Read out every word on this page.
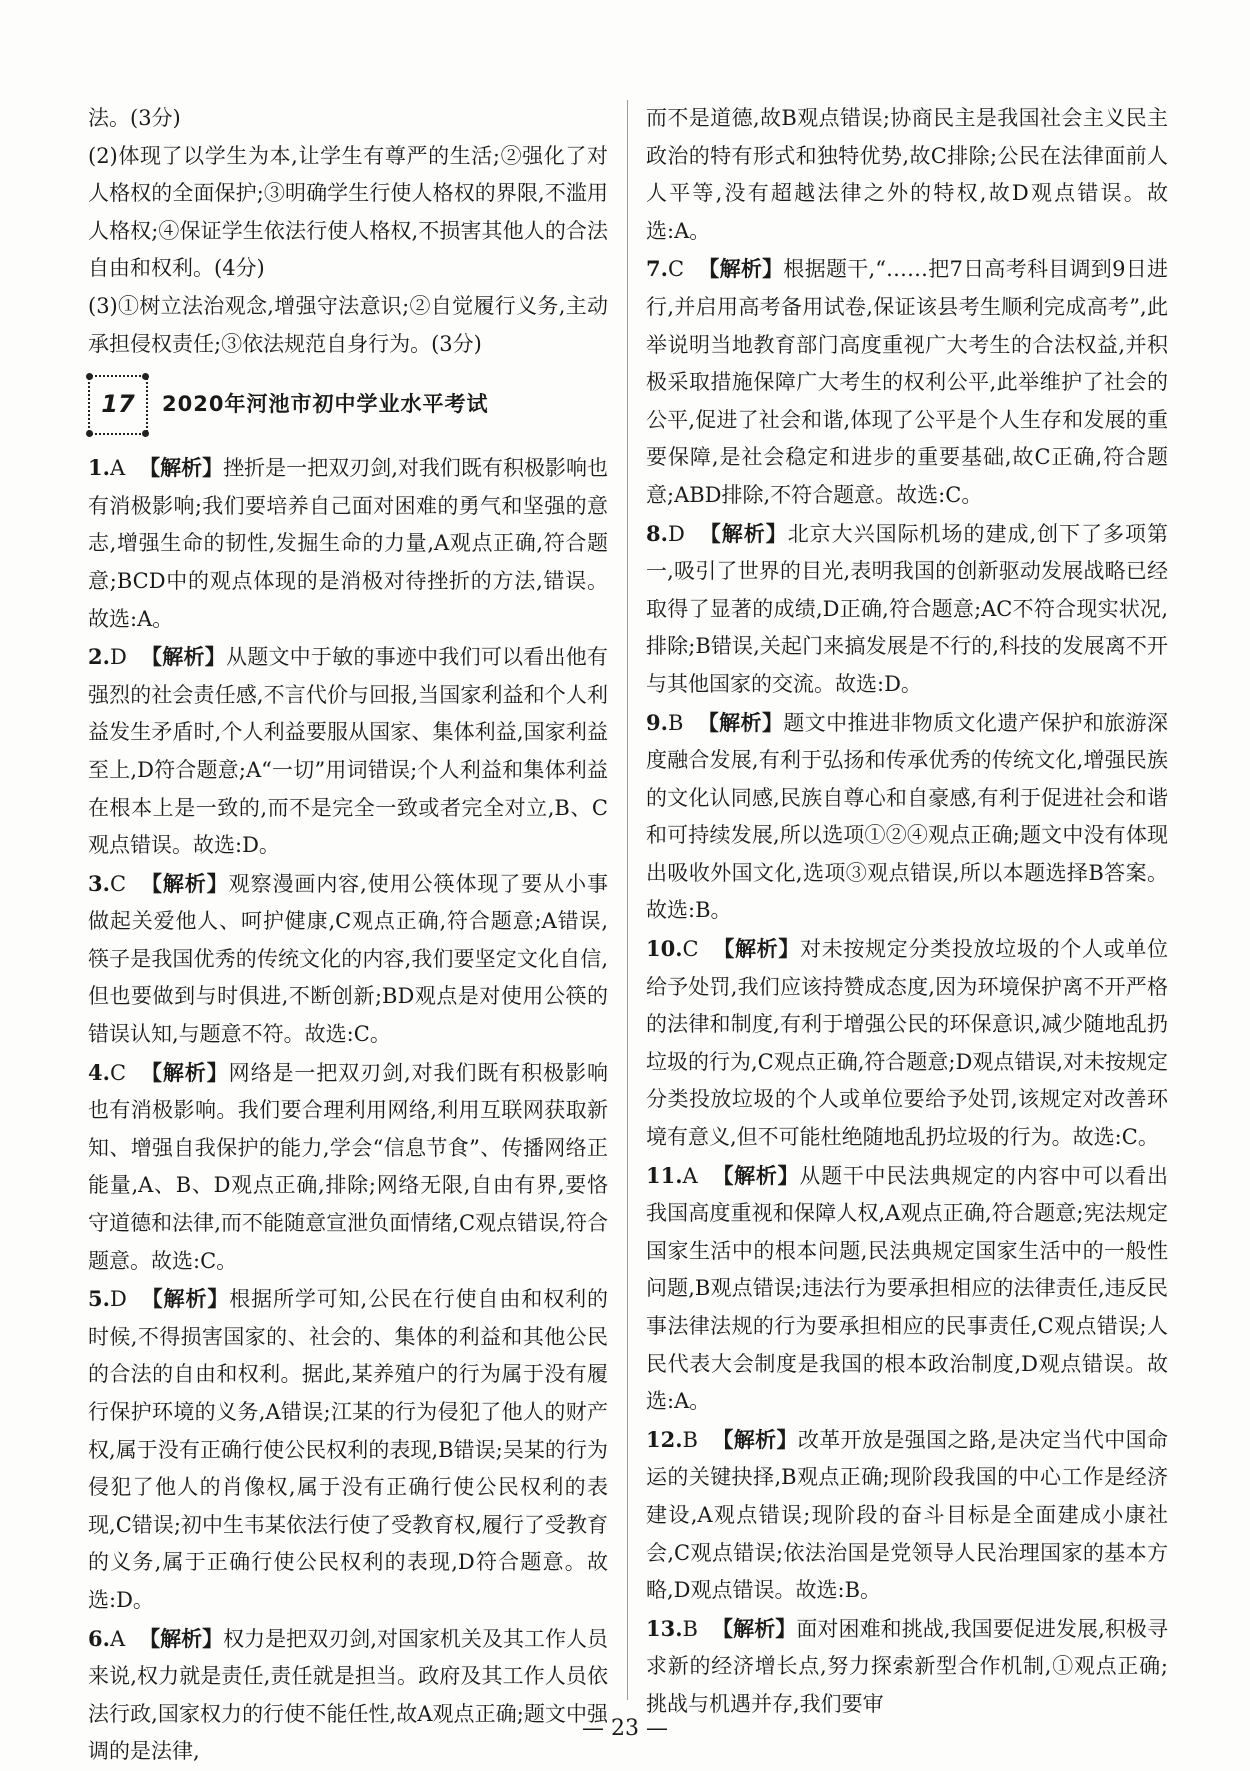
法。(3分)

(2)体现了以学生为本,让学生有尊严的生活;②强化了对人格权的全面保护;③明确学生行使人格权的界限,不滥用人格权;④保证学生依法行使人格权,不损害其他人的合法自由和权利。(4分)

(3)①树立法治观念,增强守法意识;②自觉履行义务,主动承担侵权责任;③依法规范自身行为。(3分)

17 2020年河池市初中学业水平考试

1.A 【解析】挫折是一把双刃剑,对我们既有积极影响也有消极影响;我们要培养自己面对困难的勇气和坚强的意志,增强生命的韧性,发掘生命的力量,A观点正确,符合题意;BCD中的观点体现的是消极对待挫折的方法,错误。故选:A。

2.D 【解析】从题文中于敏的事迹中我们可以看出他有强烈的社会责任感,不言代价与回报,当国家利益和个人利益发生矛盾时,个人利益要服从国家、集体利益,国家利益至上,D符合题意;A“一切”用词错误;个人利益和集体利益在根本上是一致的,而不是完全一致或者完全对立,B、C观点错误。故选:D。

3.C 【解析】观察漫画内容,使用公筷体现了要从小事做起关爱他人、呵护健康,C观点正确,符合题意;A错误,筷子是我国优秀的传统文化的内容,我们要坚定文化自信,但也要做到与时俱进,不断创新;BD观点是对使用公筷的错误认知,与题意不符。故选:C。

4.C 【解析】网络是一把双刃剑,对我们既有积极影响也有消极影响。我们要合理利用网络,利用互联网获取新知、增强自我保护的能力,学会“信息节食”、传播网络正能量,A、B、D观点正确,排除;网络无限,自由有界,要恪守道德和法律,而不能随意宣泄负面情绪,C观点错误,符合题意。故选:C。

5.D 【解析】根据所学可知,公民在行使自由和权利的时候,不得损害国家的、社会的、集体的利益和其他公民的合法的自由和权利。据此,某养殖户的行为属于没有履行保护环境的义务,A错误;江某的行为侵犯了他人的财产权,属于没有正确行使公民权利的表现,B错误;吴某的行为侵犯了他人的肖像权,属于没有正确行使公民权利的表现,C错误;初中生韦某依法行使了受教育权,履行了受教育的义务,属于正确行使公民权利的表现,D符合题意。故选:D。

6.A 【解析】权力是把双刃剑,对国家机关及其工作人员来说,权力就是责任,责任就是担当。政府及其工作人员依法行政,国家权力的行使不能任性,故A观点正确;题文中强调的是法律,

而不是道德,故B观点错误;协商民主是我国社会主义民主政治的特有形式和独特优势,故C排除;公民在法律面前人人平等,没有超越法律之外的特权,故D观点错误。故选:A。

7.C 【解析】根据题干,“……把7日高考科目调到9日进行,并启用高考备用试卷,保证该县考生顺利完成高考”,此举说明当地教育部门高度重视广大考生的合法权益,并积极采取措施保障广大考生的权利公平,此举维护了社会的公平,促进了社会和谐,体现了公平是个人生存和发展的重要保障,是社会稳定和进步的重要基础,故C正确,符合题意;ABD排除,不符合题意。故选:C。

8.D 【解析】北京大兴国际机场的建成,创下了多项第一,吸引了世界的目光,表明我国的创新驱动发展战略已经取得了显著的成绩,D正确,符合题意;AC不符合现实状况,排除;B错误,关起门来搞发展是不行的,科技的发展离不开与其他国家的交流。故选:D。

9.B 【解析】题文中推进非物质文化遗产保护和旅游深度融合发展,有利于弘扬和传承优秀的传统文化,增强民族的文化认同感,民族自尊心和自豪感,有利于促进社会和谐和可持续发展,所以选项①②④观点正确;题文中没有体现出吸收外国文化,选项③观点错误,所以本题选择B答案。故选:B。

10.C 【解析】对未按规定分类投放垃圾的个人或单位给予处罚,我们应该持赞成态度,因为环境保护离不开严格的法律和制度,有利于增强公民的环保意识,减少随地乱扔垃圾的行为,C观点正确,符合题意;D观点错误,对未按规定分类投放垃圾的个人或单位要给予处罚,该规定对改善环境有意义,但不可能杜绝随地乱扔垃圾的行为。故选:C。

11.A 【解析】从题干中民法典规定的内容中可以看出我国高度重视和保障人权,A观点正确,符合题意;宪法规定国家生活中的根本问题,民法典规定国家生活中的一般性问题,B观点错误;违法行为要承担相应的法律责任,违反民事法律法规的行为要承担相应的民事责任,C观点错误;人民代表大会制度是我国的根本政治制度,D观点错误。故选:A。

12.B 【解析】改革开放是强国之路,是决定当代中国命运的关键抉择,B观点正确;现阶段我国的中心工作是经济建设,A观点错误;现阶段的奋斗目标是全面建成小康社会,C观点错误;依法治国是党领导人民治理国家的基本方略,D观点错误。故选:B。

13.B 【解析】面对困难和挑战,我国要促进发展,积极寻求新的经济增长点,努力探索新型合作机制,①观点正确;挑战与机遇并存,我们要审

— 23 —
